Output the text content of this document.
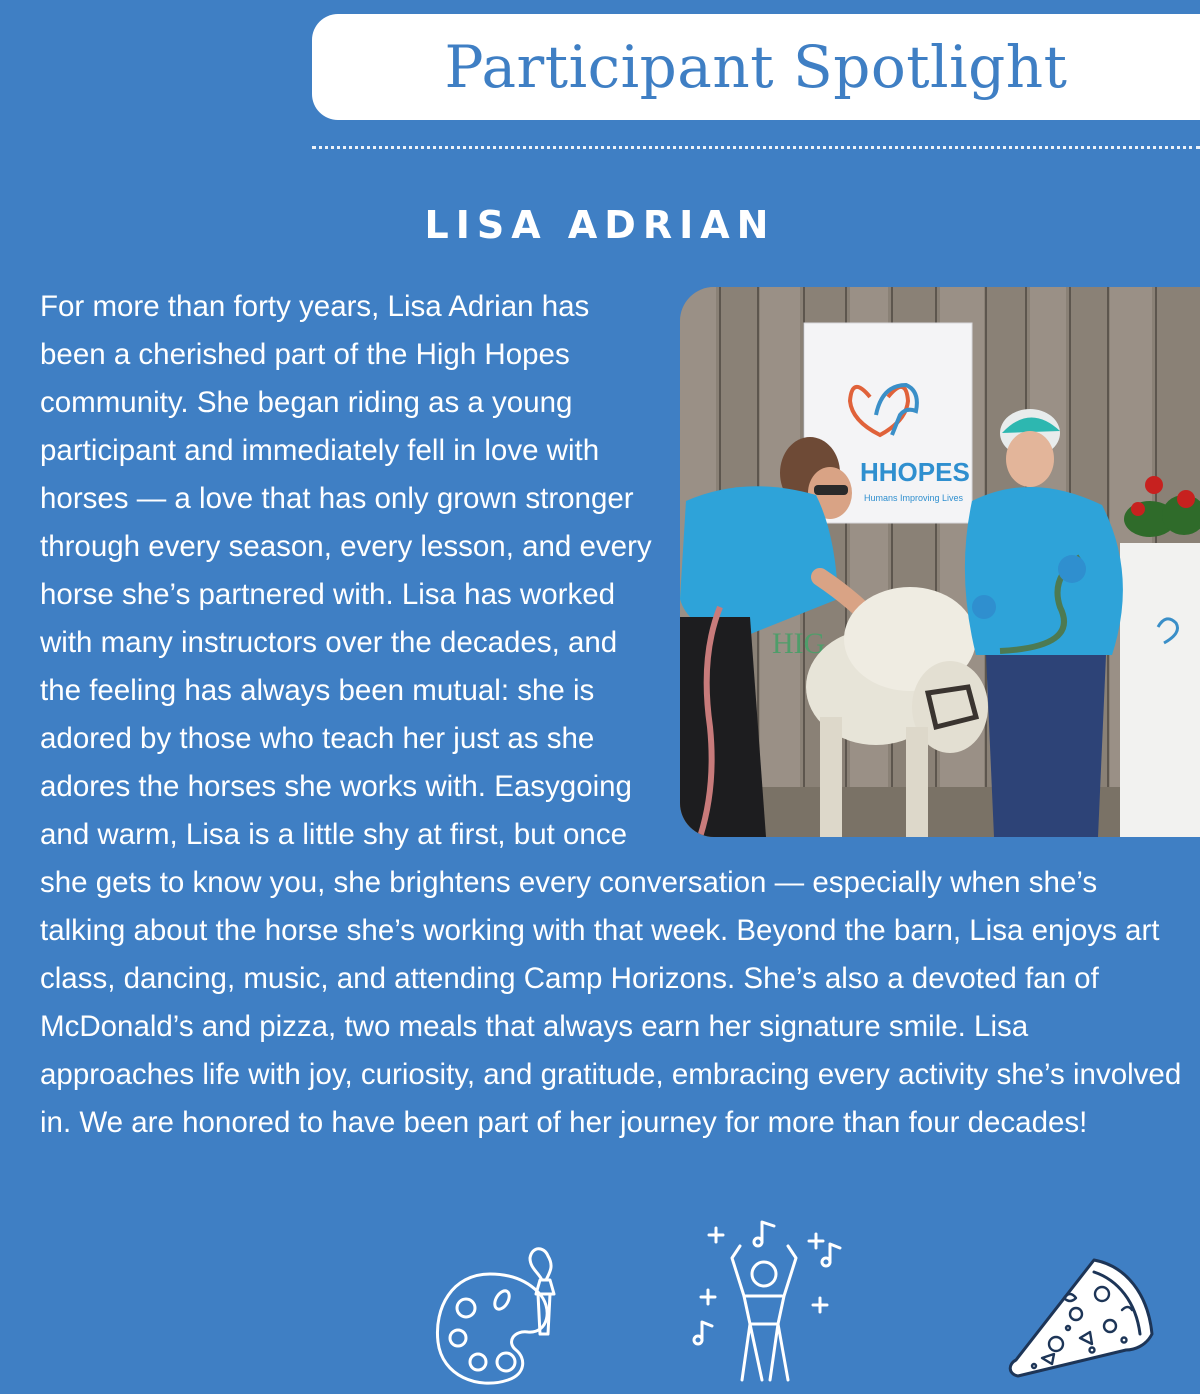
Participant Spotlight
LISA ADRIAN
For more than forty years, Lisa Adrian has been a cherished part of the High Hopes community. She began riding as a young participant and immediately fell in love with horses — a love that has only grown stronger through every season, every lesson, and every horse she’s partnered with. Lisa has worked with many instructors over the decades, and the feeling has always been mutual: she is adored by those who teach her just as she adores the horses she works with. Easygoing and warm, Lisa is a little shy at first, but once she gets to know you, she brightens every conversation — especially when she’s talking about the horse she’s working with that week. Beyond the barn, Lisa enjoys art class, dancing, music, and attending Camp Horizons. She’s also a devoted fan of McDonald’s and pizza, two meals that always earn her signature smile. Lisa approaches life with joy, curiosity, and gratitude, embracing every activity she’s involved in. We are honored to have been part of her journey for more than four decades!
HHOPES
Humans Improving Lives
HIG
